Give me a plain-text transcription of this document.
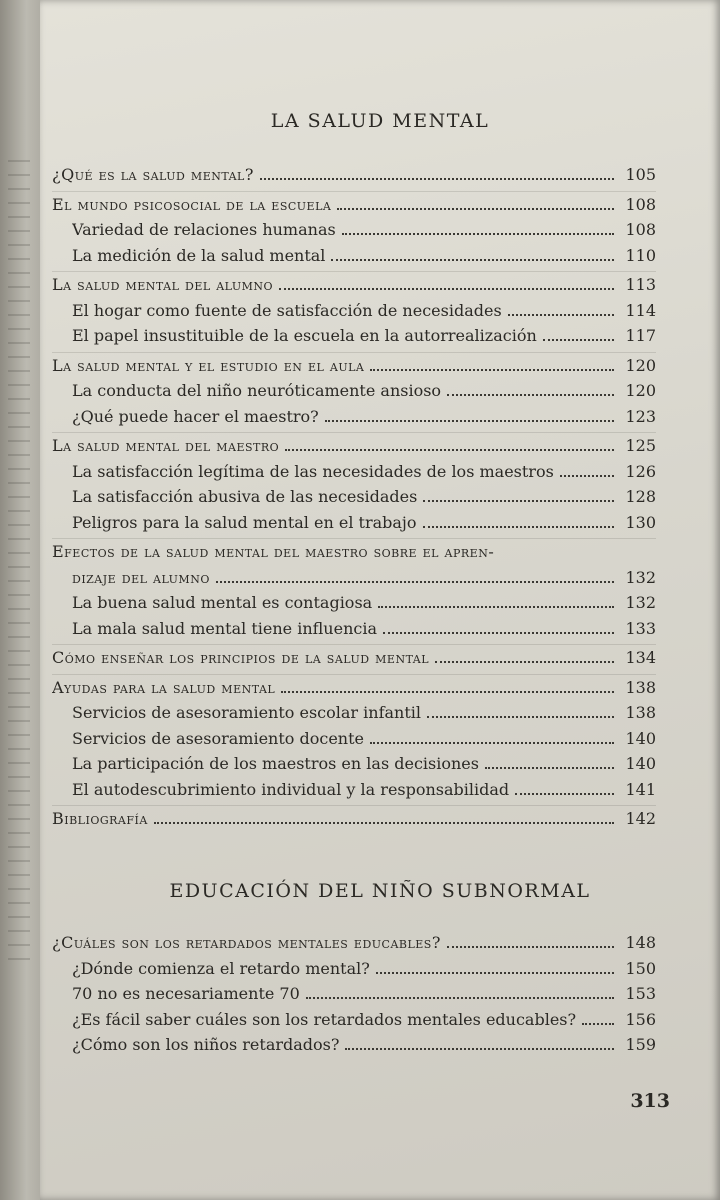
LA SALUD MENTAL
¿Qué es la salud mental?	105
El mundo psicosocial de la escuela	108
Variedad de relaciones humanas	108
La medición de la salud mental	110
La salud mental del alumno	113
El hogar como fuente de satisfacción de necesidades	114
El papel insustituible de la escuela en la autorrealización	117
La salud mental y el estudio en el aula	120
La conducta del niño neuróticamente ansioso	120
¿Qué puede hacer el maestro?	123
La salud mental del maestro	125
La satisfacción legítima de las necesidades de los maestros	126
La satisfacción abusiva de las necesidades	128
Peligros para la salud mental en el trabajo	130
Efectos de la salud mental del maestro sobre el apren-
dizaje del alumno	132
La buena salud mental es contagiosa	132
La mala salud mental tiene influencia	133
Cómo enseñar los principios de la salud mental	134
Ayudas para la salud mental	138
Servicios de asesoramiento escolar infantil	138
Servicios de asesoramiento docente	140
La participación de los maestros en las decisiones	140
El autodescubrimiento individual y la responsabilidad	141
Bibliografía	142
EDUCACIÓN DEL NIÑO SUBNORMAL
¿Cuáles son los retardados mentales educables?	148
¿Dónde comienza el retardo mental?	150
70 no es necesariamente 70	153
¿Es fácil saber cuáles son los retardados mentales educables?	156
¿Cómo son los niños retardados?	159
313
